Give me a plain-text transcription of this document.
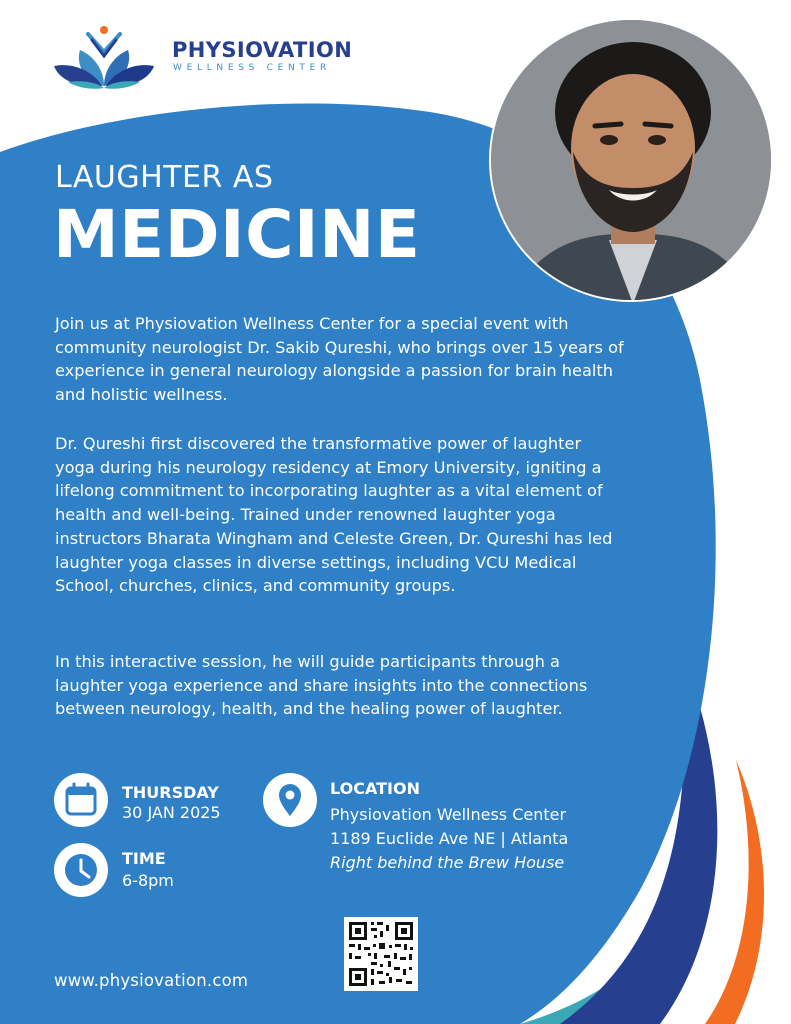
PHYSIOVATION
WELLNESS CENTER
LAUGHTER AS
MEDICINE

Join us at Physiovation Wellness Center for a special event with community neurologist Dr. Sakib Qureshi, who brings over 15 years of experience in general neurology alongside a passion for brain health and holistic wellness.

Dr. Qureshi first discovered the transformative power of laughter yoga during his neurology residency at Emory University, igniting a lifelong commitment to incorporating laughter as a vital element of health and well-being. Trained under renowned laughter yoga instructors Bharata Wingham and Celeste Green, Dr. Qureshi has led laughter yoga classes in diverse settings, including VCU Medical School, churches, clinics, and community groups.

In this interactive session, he will guide participants through a laughter yoga experience and share insights into the connections between neurology, health, and the healing power of laughter.

THURSDAY
30 JAN 2025
TIME
6-8pm
LOCATION
Physiovation Wellness Center
1189 Euclide Ave NE | Atlanta
Right behind the Brew House
www.physiovation.com
